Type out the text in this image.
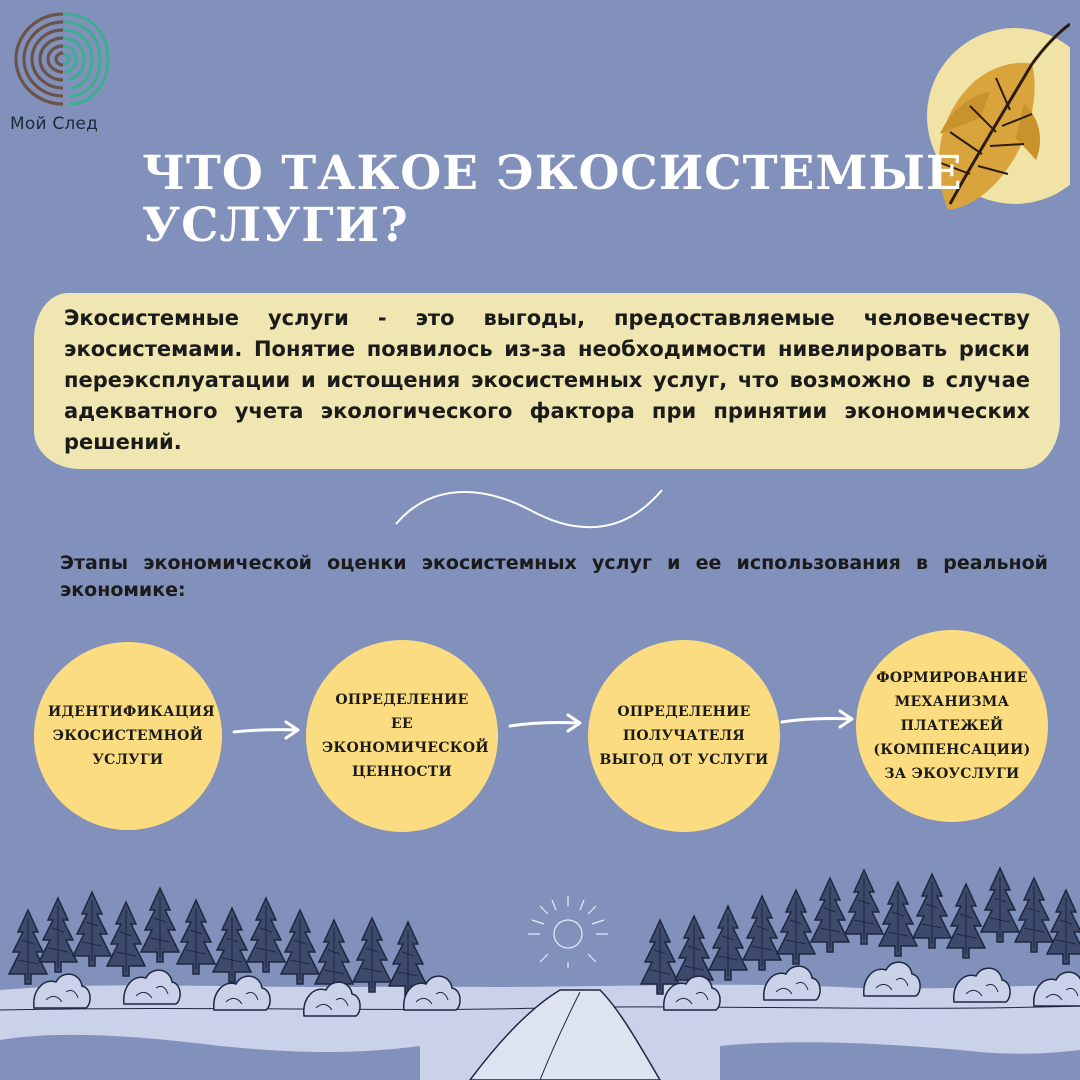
Мой След
ЧТО ТАКОЕ ЭКОСИСТЕМЫЕ УСЛУГИ?

Экосистемные услуги - это выгоды, предоставляемые человечеству экосистемами. Понятие появилось из-за необходимости нивелировать риски переэксплуатации и истощения экосистемных услуг, что возможно в случае адекватного учета экологического фактора при принятии экономических решений.

Этапы экономической оценки экосистемных услуг и ее использования в реальной экономике:

ИДЕНТИФИКАЦИЯ ЭКОСИСТЕМНОЙ УСЛУГИ
ОПРЕДЕЛЕНИЕ ЕЕ ЭКОНОМИЧЕСКОЙ ЦЕННОСТИ
ОПРЕДЕЛЕНИЕ ПОЛУЧАТЕЛЯ ВЫГОД ОТ УСЛУГИ
ФОРМИРОВАНИЕ МЕХАНИЗМА ПЛАТЕЖЕЙ (КОМПЕНСАЦИИ) ЗА ЭКОУСЛУГИ
